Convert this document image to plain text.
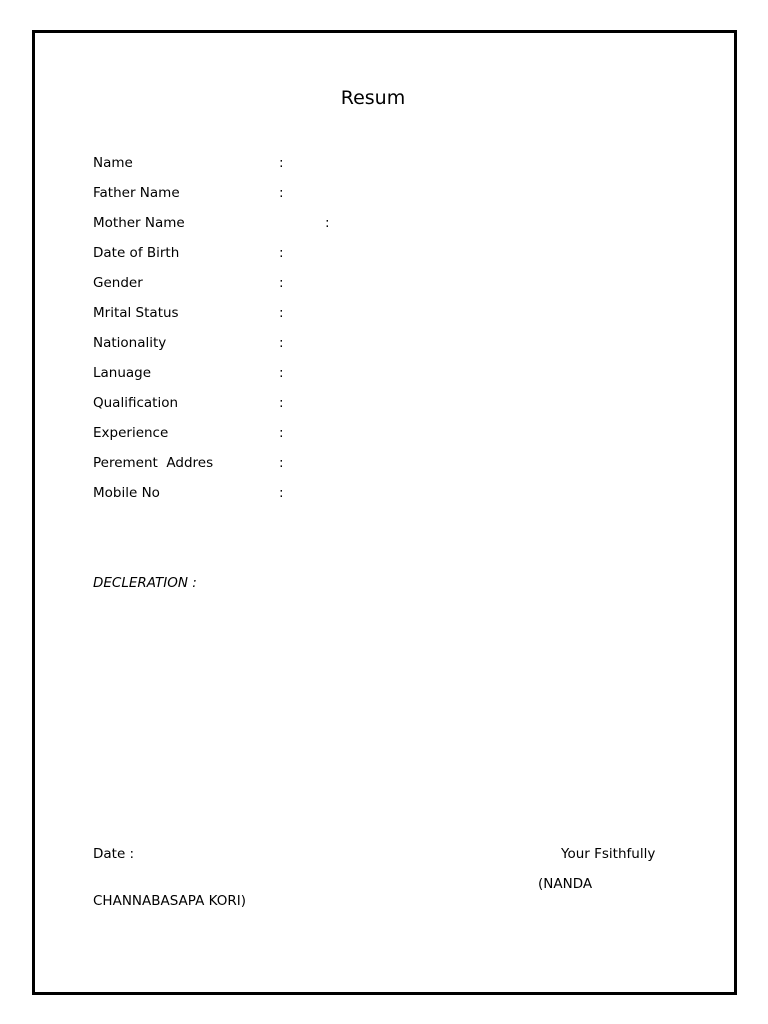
Resum
Name	:
Father Name	:
Mother Name	:
Date of Birth	:
Gender	:
Mrital Status	:
Nationality	:
Lanuage	:
Qualification	:
Experience	:
Perement  Addres	:
Mobile No	:
DECLERATION :
Date :	Your Fsithfully
(NANDA
CHANNABASAPA KORI)
